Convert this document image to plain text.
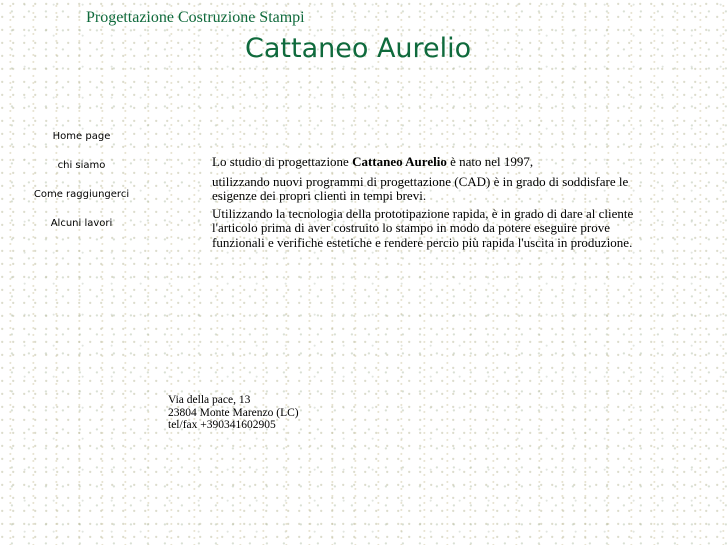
Progettazione Costruzione Stampi
Cattaneo Aurelio
Home page
chi siamo
Come raggiungerci
Alcuni lavori

Lo studio di progettazione Cattaneo Aurelio è nato nel 1997,

utilizzando nuovi programmi di progettazione (CAD) è in grado di soddisfare le esigenze dei propri clienti in tempi brevi.

Utilizzando la tecnologia della prototipazione rapida, è in grado di dare al cliente l'articolo prima di aver costruito lo stampo in modo da potere eseguire prove funzionali e verifiche estetiche e rendere percio più rapida l'uscita in produzione.

Via della pace, 13
23804 Monte Marenzo (LC)
tel/fax +390341602905
